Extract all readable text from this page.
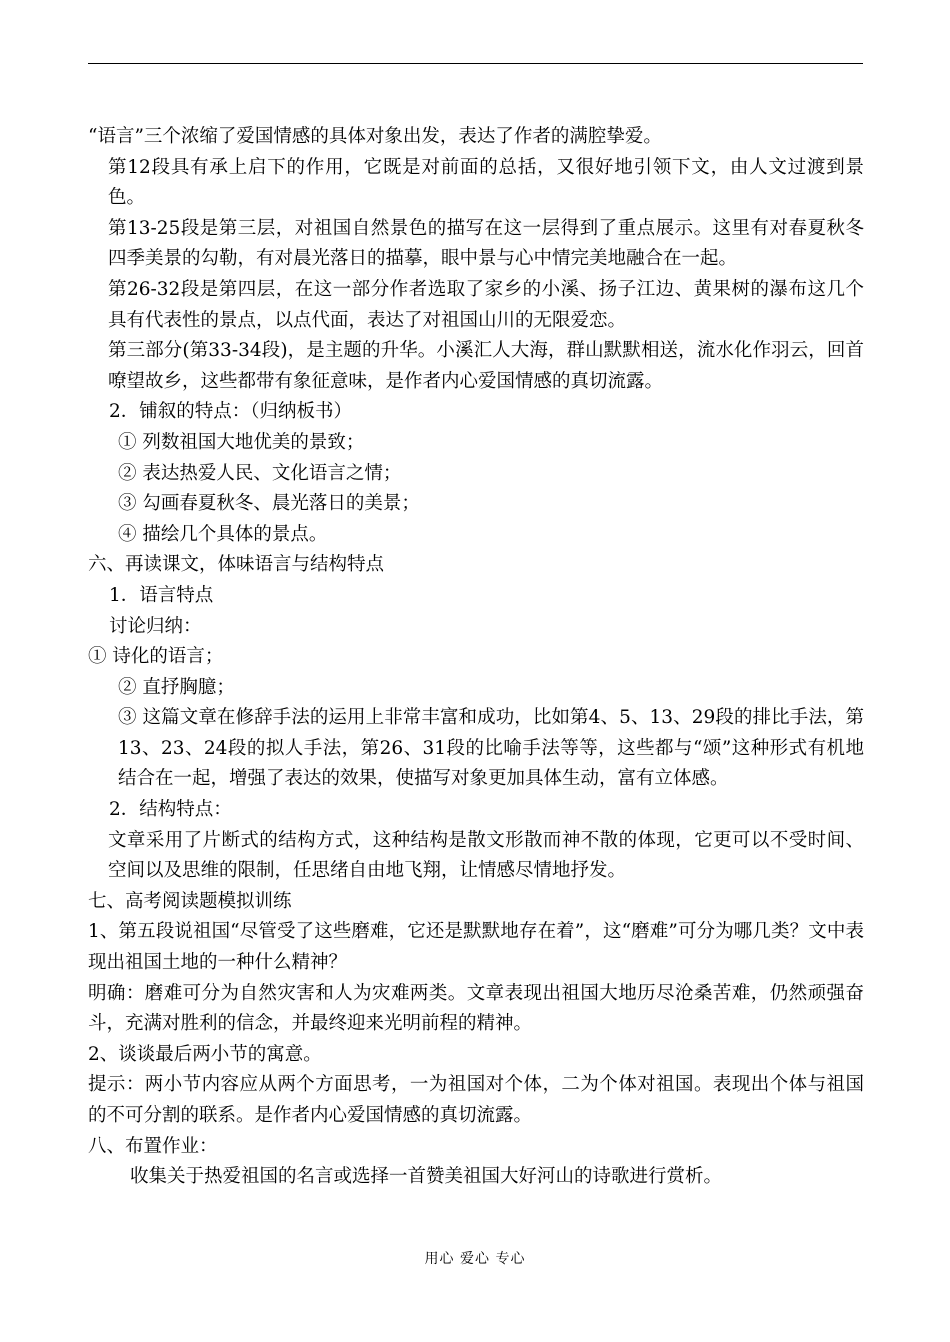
“语言”三个浓缩了爱国情感的具体对象出发，表达了作者的满腔挚爱。

第12段具有承上启下的作用，它既是对前面的总括，又很好地引领下文，由人文过渡到景色。

第13-25段是第三层，对祖国自然景色的描写在这一层得到了重点展示。这里有对春夏秋冬四季美景的勾勒，有对晨光落日的描摹，眼中景与心中情完美地融合在一起。

第26-32段是第四层，在这一部分作者选取了家乡的小溪、扬子江边、黄果树的瀑布这几个具有代表性的景点，以点代面，表达了对祖国山川的无限爱恋。

第三部分(第33-34段)，是主题的升华。小溪汇人大海，群山默默相送，流水化作羽云，回首嘹望故乡，这些都带有象征意味，是作者内心爱国情感的真切流露。

2．铺叙的特点：（归纳板书）

① 列数祖国大地优美的景致；

② 表达热爱人民、文化语言之情；

③ 勾画春夏秋冬、晨光落日的美景；

④ 描绘几个具体的景点。

六、再读课文，体味语言与结构特点

1．语言特点

讨论归纳：

① 诗化的语言；

② 直抒胸臆；

③ 这篇文章在修辞手法的运用上非常丰富和成功，比如第4、5、13、29段的排比手法，第13、23、24段的拟人手法，第26、31段的比喻手法等等，这些都与“颂”这种形式有机地结合在一起，增强了表达的效果，使描写对象更加具体生动，富有立体感。

2．结构特点：

文章采用了片断式的结构方式，这种结构是散文形散而神不散的体现，它更可以不受时间、空间以及思维的限制，任思绪自由地飞翔，让情感尽情地抒发。

七、高考阅读题模拟训练

1、第五段说祖国“尽管受了这些磨难，它还是默默地存在着”，这“磨难”可分为哪几类？文中表现出祖国土地的一种什么精神？

明确：磨难可分为自然灾害和人为灾难两类。文章表现出祖国大地历尽沧桑苦难，仍然顽强奋斗，充满对胜利的信念，并最终迎来光明前程的精神。

2、谈谈最后两小节的寓意。

提示：两小节内容应从两个方面思考，一为祖国对个体，二为个体对祖国。表现出个体与祖国的不可分割的联系。是作者内心爱国情感的真切流露。

八、布置作业：

收集关于热爱祖国的名言或选择一首赞美祖国大好河山的诗歌进行赏析。

用心 爱心 专心
